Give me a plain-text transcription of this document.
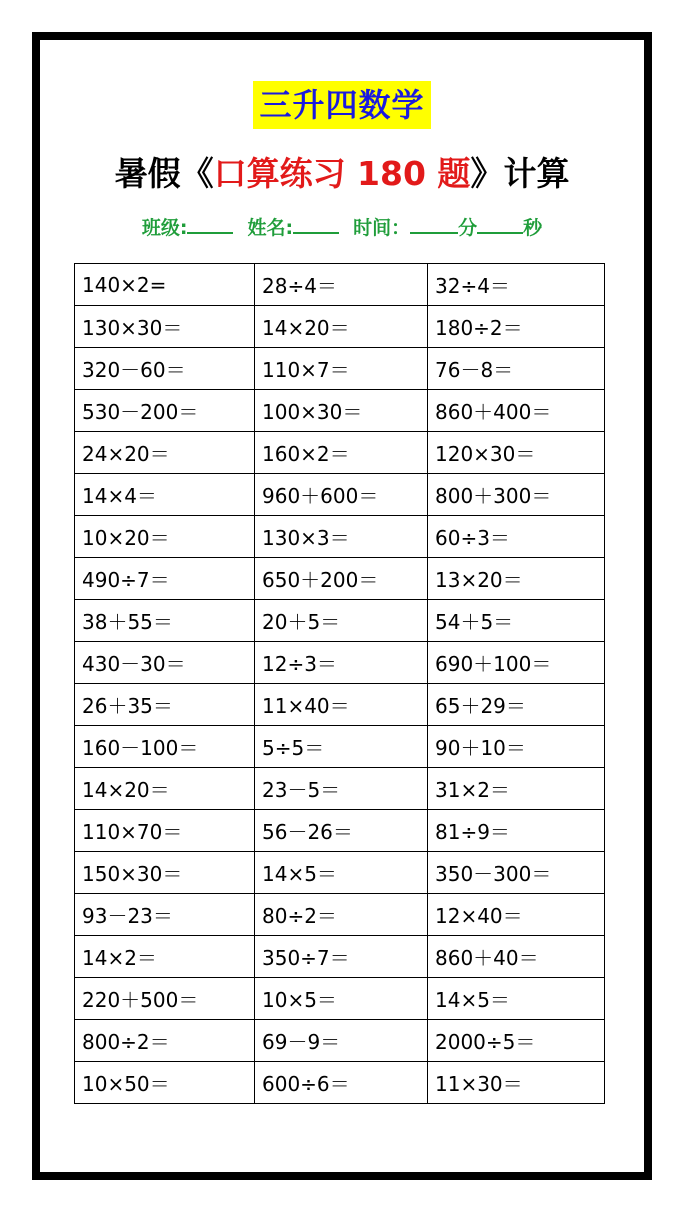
三升四数学
暑假《口算练习 180 题》计算
班级:	姓名:	时间：	分 秒
140×2=	28÷4＝	32÷4＝
130×30＝	14×20＝	180÷2＝
320－60＝	110×7＝	76－8＝
530－200＝	100×30＝	860＋400＝
24×20＝	160×2＝	120×30＝
14×4＝	960＋600＝	800＋300＝
10×20＝	130×3＝	60÷3＝
490÷7＝	650＋200＝	13×20＝
38＋55＝	20＋5＝	54＋5＝
430－30＝	12÷3＝	690＋100＝
26＋35＝	11×40＝	65＋29＝
160－100＝	5÷5＝	90＋10＝
14×20＝	23－5＝	31×2＝
110×70＝	56－26＝	81÷9＝
150×30＝	14×5＝	350－300＝
93－23＝	80÷2＝	12×40＝
14×2＝	350÷7＝	860＋40＝
220＋500＝	10×5＝	14×5＝
800÷2＝	69－9＝	2000÷5＝
10×50＝	600÷6＝	11×30＝
